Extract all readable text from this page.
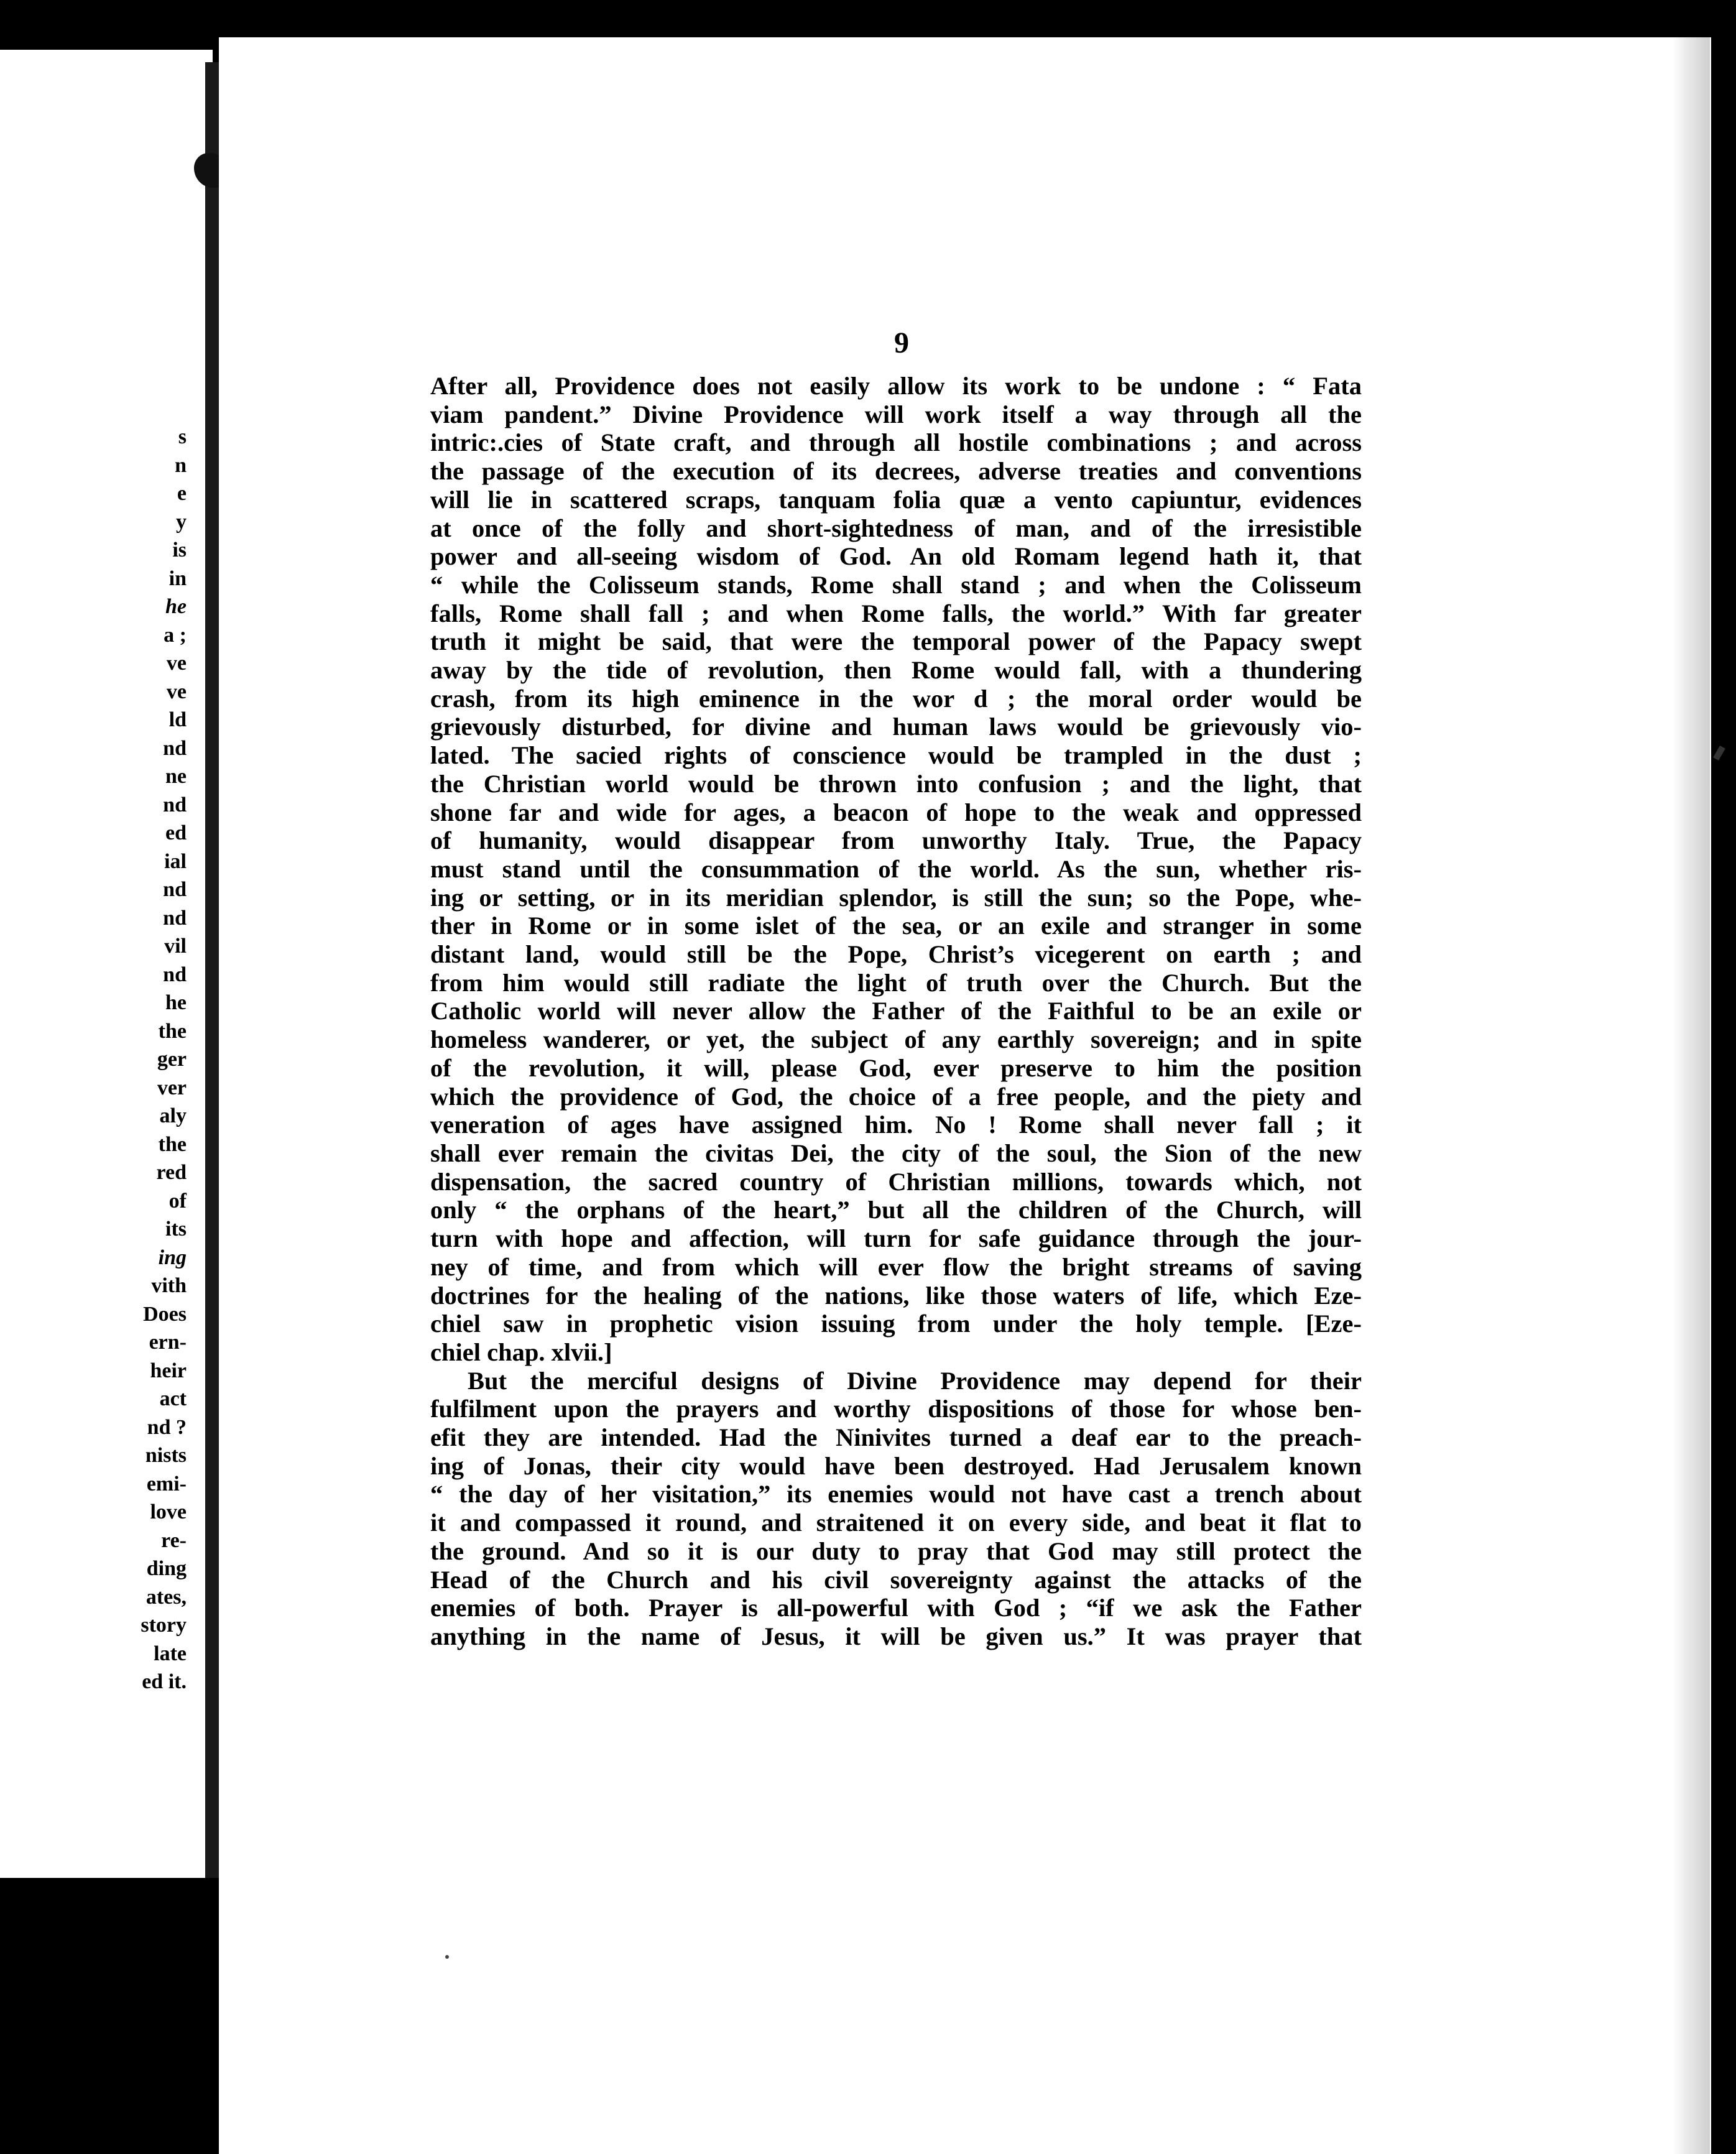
s
n
e
y
is
in
he
a ;
ve
ve
ld
nd
ne
nd
ed
ial
nd
nd
vil
nd
he
the
ger
ver
aly
the
red
of
its
ing
vith
Does
ern-
heir
act
nd ?
nists
emi-
love
re-
ding
ates,
story
late
ed it.
9
After all, Providence does not easily allow its work to be undone : “ Fata
viam pandent.” Divine Providence will work itself a way through all the
intric:.cies of State craft, and through all hostile combinations ; and across
the passage of the execution of its decrees, adverse treaties and conventions
will lie in scattered scraps, tanquam folia quæ a vento capiuntur, evidences
at once of the folly and short-sightedness of man, and of the irresistible
power and all-seeing wisdom of God. An old Romam legend hath it, that
“ while the Colisseum stands, Rome shall stand ; and when the Colisseum
falls, Rome shall fall ; and when Rome falls, the world.” With far greater
truth it might be said, that were the temporal power of the Papacy swept
away by the tide of revolution, then Rome would fall, with a thundering
crash, from its high eminence in the wor d ; the moral order would be
grievously disturbed, for divine and human laws would be grievously vio-
lated. The sacied rights of conscience would be trampled in the dust ;
the Christian world would be thrown into confusion ; and the light, that
shone far and wide for ages, a beacon of hope to the weak and oppressed
of humanity, would disappear from unworthy Italy. True, the Papacy
must stand until the consummation of the world. As the sun, whether ris-
ing or setting, or in its meridian splendor, is still the sun; so the Pope, whe-
ther in Rome or in some islet of the sea, or an exile and stranger in some
distant land, would still be the Pope, Christ’s vicegerent on earth ; and
from him would still radiate the light of truth over the Church. But the
Catholic world will never allow the Father of the Faithful to be an exile or
homeless wanderer, or yet, the subject of any earthly sovereign; and in spite
of the revolution, it will, please God, ever preserve to him the position
which the providence of God, the choice of a free people, and the piety and
veneration of ages have assigned him. No ! Rome shall never fall ; it
shall ever remain the civitas Dei, the city of the soul, the Sion of the new
dispensation, the sacred country of Christian millions, towards which, not
only “ the orphans of the heart,” but all the children of the Church, will
turn with hope and affection, will turn for safe guidance through the jour-
ney of time, and from which will ever flow the bright streams of saving
doctrines for the healing of the nations, like those waters of life, which Eze-
chiel saw in prophetic vision issuing from under the holy temple. [Eze-
chiel chap. xlvii.]
But the merciful designs of Divine Providence may depend for their
fulfilment upon the prayers and worthy dispositions of those for whose ben-
efit they are intended. Had the Ninivites turned a deaf ear to the preach-
ing of Jonas, their city would have been destroyed. Had Jerusalem known
“ the day of her visitation,” its enemies would not have cast a trench about
it and compassed it round, and straitened it on every side, and beat it flat to
the ground. And so it is our duty to pray that God may still protect the
Head of the Church and his civil sovereignty against the attacks of the
enemies of both. Prayer is all-powerful with God ; “if we ask the Father
anything in the name of Jesus, it will be given us.” It was prayer that
